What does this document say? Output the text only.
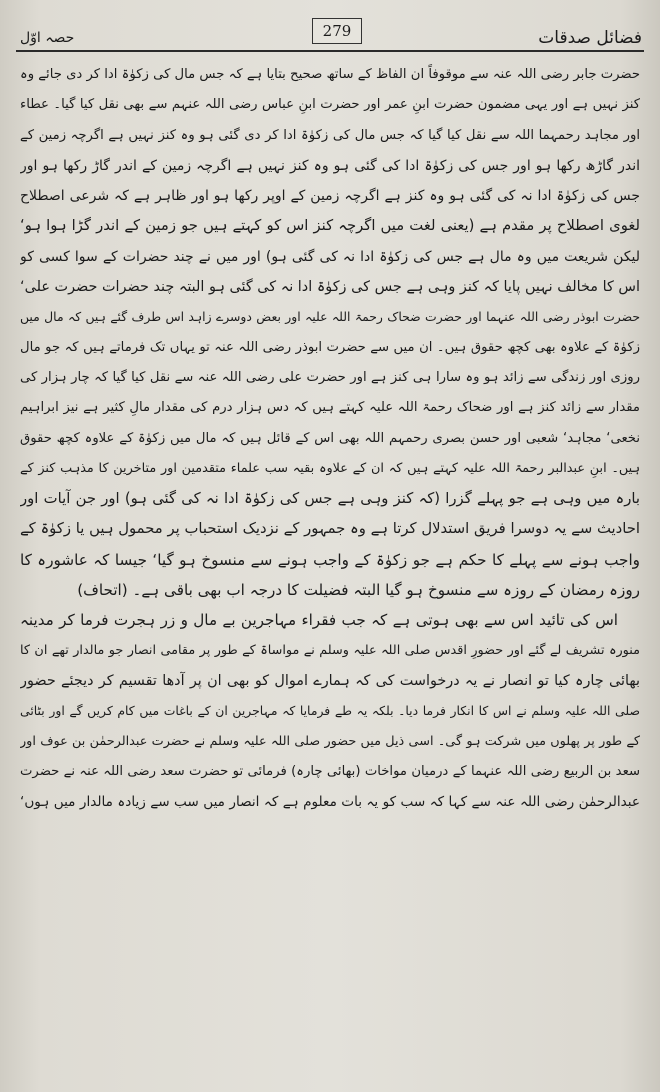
فضائل صدقات
279
حصہ اوّل
حضرت جابر رضی اللہ عنہ سے موقوفاً ان الفاظ کے ساتھ صحیح بتایا ہے کہ جس مال کی زکوٰۃ ادا کر دی جائے وہ
کنز نہیں ہے اور یہی مضمون حضرت ابنِ عمر اور حضرت ابنِ عباس رضی اللہ عنہم سے بھی نقل کیا گیا۔ عطاء
اور مجاہد رحمہما اللہ سے نقل کیا گیا کہ جس مال کی زکوٰۃ ادا کر دی گئی ہو وہ کنز نہیں ہے اگرچہ زمین کے
اندر گاڑھ رکھا ہو اور جس کی زکوٰۃ ادا کی گئی ہو وہ کنز نہیں ہے اگرچہ زمین کے اندر گاڑ رکھا ہو اور
جس کی زکوٰۃ ادا نہ کی گئی ہو وہ کنز ہے اگرچہ زمین کے اوپر رکھا ہو اور ظاہر ہے کہ شرعی اصطلاح
لغوی اصطلاح پر مقدم ہے (یعنی لغت میں اگرچہ کنز اس کو کہتے ہیں جو زمین کے اندر گڑا ہوا ہو‘
لیکن شریعت میں وہ مال ہے جس کی زکوٰۃ ادا نہ کی گئی ہو) اور میں نے چند حضرات کے سوا کسی کو
اس کا مخالف نہیں پایا کہ کنز وہی ہے جس کی زکوٰۃ ادا نہ کی گئی ہو البتہ چند حضرات حضرت علی‘
حضرت ابوذر رضی اللہ عنہما اور حضرت ضحاک رحمۃ اللہ علیہ اور بعض دوسرے زاہد اس طرف گئے ہیں کہ مال میں
زکوٰۃ کے علاوہ بھی کچھ حقوق ہیں۔ ان میں سے حضرت ابوذر رضی اللہ عنہ تو یہاں تک فرماتے ہیں کہ جو مال
روزی اور زندگی سے زائد ہو وہ سارا ہی کنز ہے اور حضرت علی رضی اللہ عنہ سے نقل کیا گیا کہ چار ہزار کی
مقدار سے زائد کنز ہے اور ضحاک رحمۃ اللہ علیہ کہتے ہیں کہ دس ہزار درم کی مقدار مالِ کثیر ہے نیز ابراہیم
نخعی‘ مجاہد‘ شعبی اور حسن بصری رحمہم اللہ بھی اس کے قائل ہیں کہ مال میں زکوٰۃ کے علاوہ کچھ حقوق
ہیں۔ ابنِ عبدالبر رحمۃ اللہ علیہ کہتے ہیں کہ ان کے علاوہ بقیہ سب علماء متقدمین اور متاخرین کا مذہب کنز کے
بارہ میں وہی ہے جو پہلے گزرا (کہ کنز وہی ہے جس کی زکوٰۃ ادا نہ کی گئی ہو) اور جن آیات اور
احادیث سے یہ دوسرا فریق استدلال کرتا ہے وہ جمہور کے نزدیک استحباب پر محمول ہیں یا زکوٰۃ کے
واجب ہونے سے پہلے کا حکم ہے جو زکوٰۃ کے واجب ہونے سے منسوخ ہو گیا‘ جیسا کہ عاشورہ کا
روزہ رمضان کے روزہ سے منسوخ ہو گیا البتہ فضیلت کا درجہ اب بھی باقی ہے۔ (اتحاف)
اس کی تائید اس سے بھی ہوتی ہے کہ جب فقراء مہاجرین بے مال و زر ہجرت فرما کر مدینہ
منورہ تشریف لے گئے اور حضورِ اقدس صلی اللہ علیہ وسلم نے مواساۃ کے طور پر مقامی انصار جو مالدار تھے ان کا
بھائی چارہ کیا تو انصار نے یہ درخواست کی کہ ہمارے اموال کو بھی ان پر آدھا تقسیم کر دیجئے حضور
صلی اللہ علیہ وسلم نے اس کا انکار فرما دیا۔ بلکہ یہ طے فرمایا کہ مہاجرین ان کے باغات میں کام کریں گے اور بٹائی
کے طور پر پھلوں میں شرکت ہو گی۔ اسی ذیل میں حضور صلی اللہ علیہ وسلم نے حضرت عبدالرحمٰن بن عوف اور
سعد بن الربیع رضی اللہ عنہما کے درمیان مواخات (بھائی چارہ) فرمائی تو حضرت سعد رضی اللہ عنہ نے حضرت
عبدالرحمٰن رضی اللہ عنہ سے کہا کہ سب کو یہ بات معلوم ہے کہ انصار میں سب سے زیادہ مالدار میں ہوں‘
